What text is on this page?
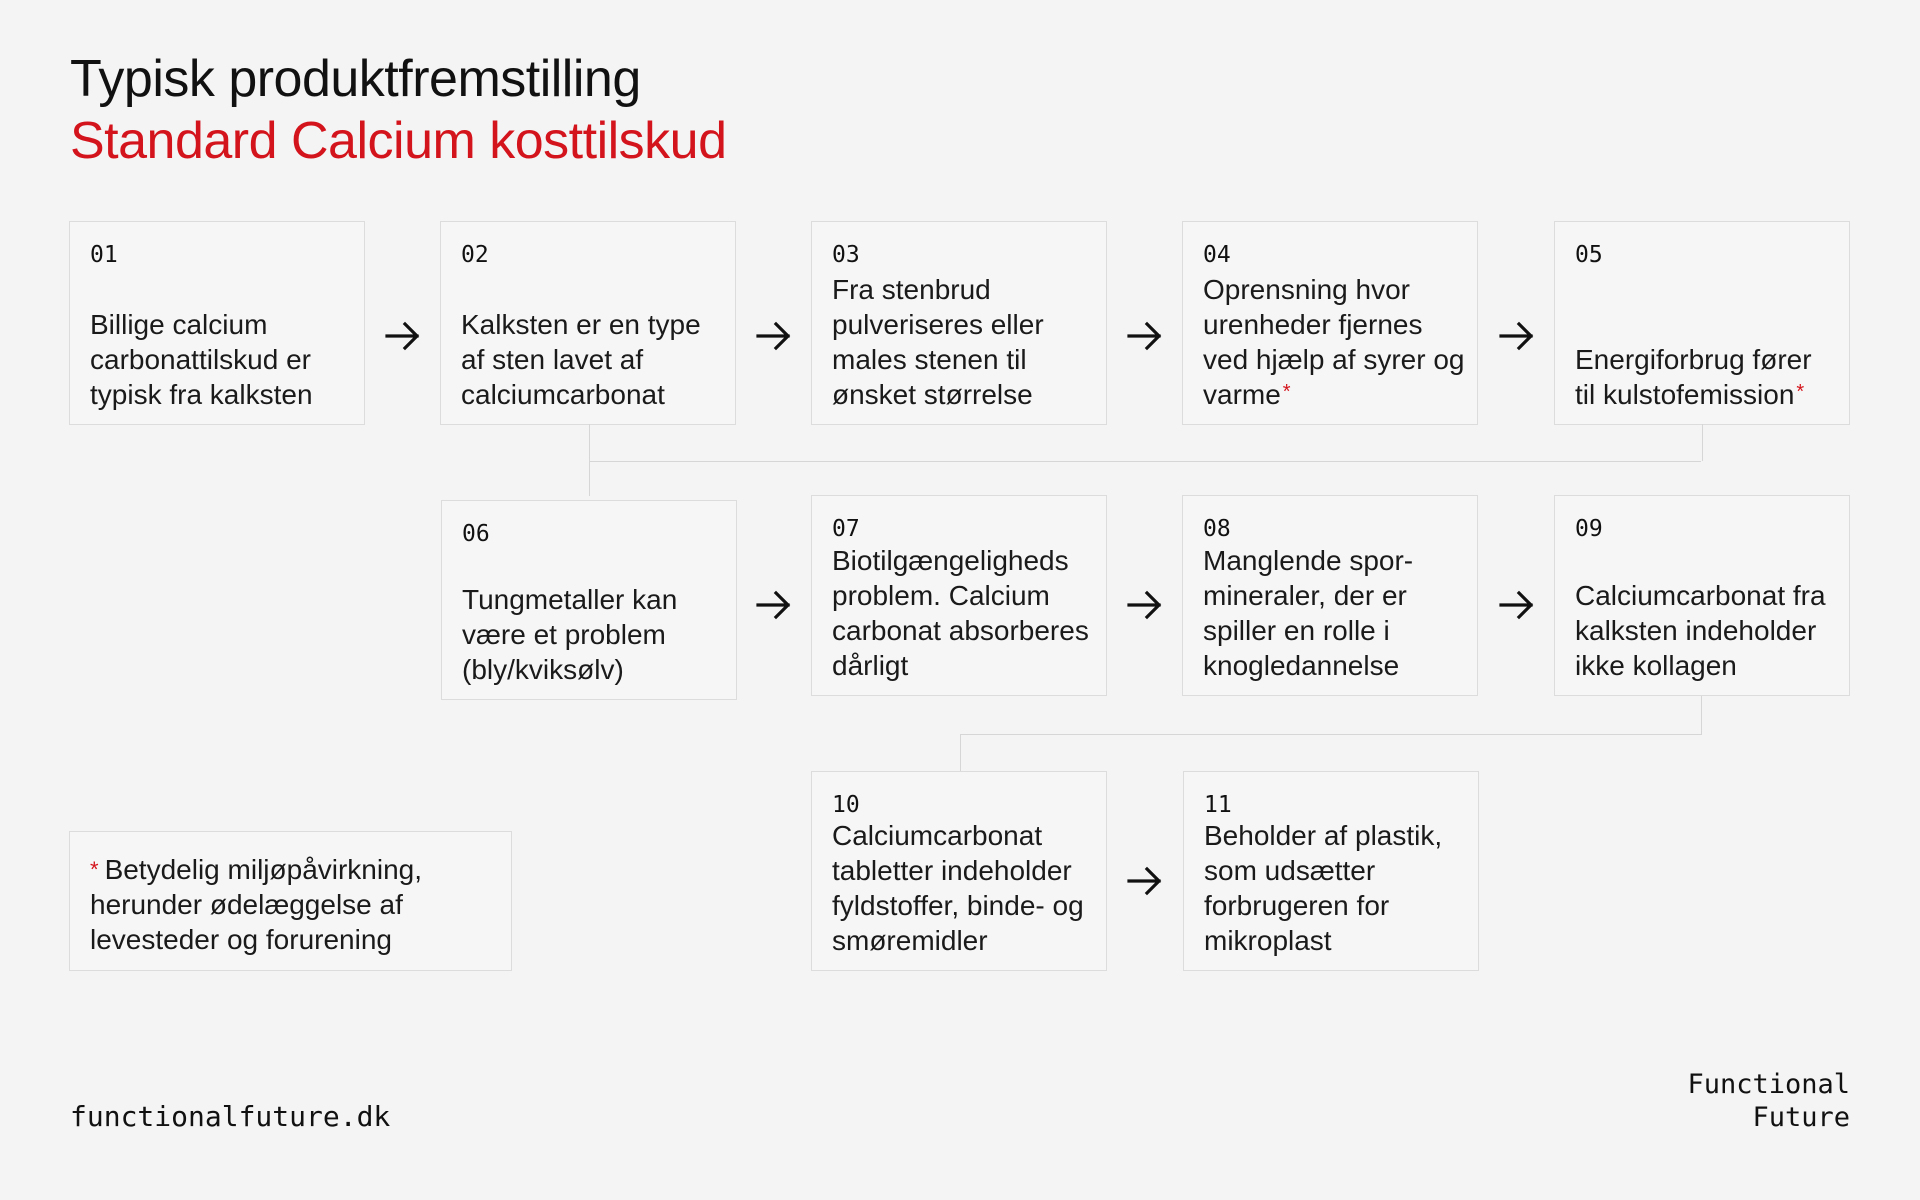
Typisk produktfremstilling
Standard Calcium kosttilskud
01
Billige calcium carbonattilskud er typisk fra kalksten
02
Kalksten er en type af sten lavet af calciumcarbonat
03
Fra stenbrud pulveriseres eller males stenen til ønsket størrelse
04
Oprensning hvor urenheder fjernes ved hjælp af syrer og varme *
05
Energiforbrug fører til kulstofemission *
06
Tungmetaller kan være et problem (bly/kviksølv)
07
Biotilgængeligheds problem. Calcium carbonat absorberes dårligt
08
Manglende spor-mineraler, der er spiller en rolle i knogledannelse
09
Calciumcarbonat fra kalksten indeholder ikke kollagen
10
Calciumcarbonat tabletter indeholder fyldstoffer, binde- og smøremidler
11
Beholder af plastik, som udsætter forbrugeren for mikroplast
* Betydelig miljøpåvirkning, herunder ødelæggelse af levesteder og forurening
functionalfuture.dk
Functional
Future
